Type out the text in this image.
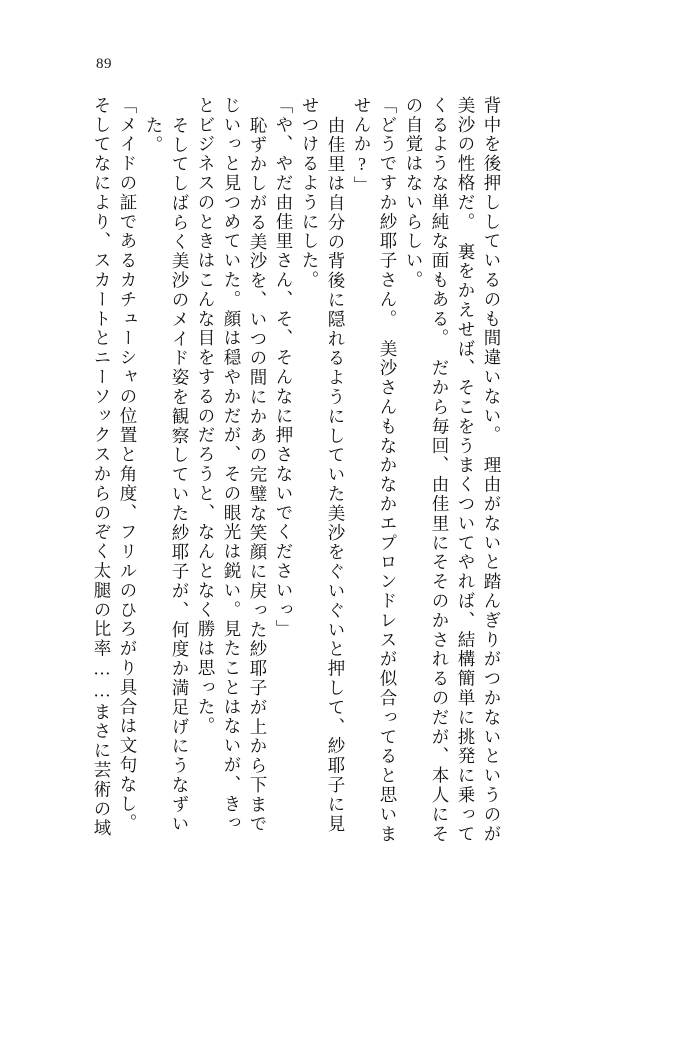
89
そしてなにより、スカートとニーソックスからのぞく太腿の比率……まさに芸術の域 「メイドの証であるカチューシャの位置と角度、フリルのひろがり具合は文句なし。 た。 そしてしばらく美沙のメイド姿を観察していた紗耶子が、何度か満足げにうなずい とビジネスのときはこんな目をするのだろうと、なんとなく勝は思った。 じいっと見つめていた。顔は穏やかだが、その眼光は鋭い。見たことはないが、きっ 恥ずかしがる美沙を、いつの間にかあの完璧な笑顔に戻った紗耶子が上から下まで 「や、やだ由佳里さん、そ、そんなに押さないでくださいっ」 せつけるようにした。 由佳里は自分の背後に隠れるようにしていた美沙をぐいぐいと押して、紗耶子に見 せんか?」 「どうですか紗耶子さん。　美沙さんもなかなかエプロンドレスが似合ってると思いま の自覚はないらしい。 くるような単純な面もある。　だから毎回、由佳里にそそのかされるのだが、本人にそ 美沙の性格だ。　裏をかえせば、そこをうまくついてやれば、結構簡単に挑発に乗って 背中を後押ししているのも間違いない。　理由がないと踏んぎりがつかないというのが
